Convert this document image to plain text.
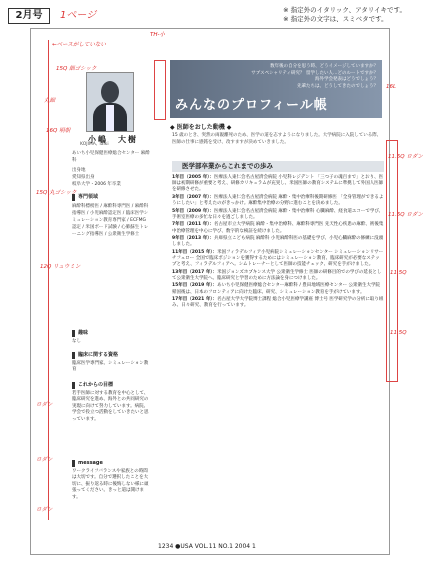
2月号	1ページ	※ 指定外のイタリック、アタリイキです。
※ 指定外の文字は、スミベタです。
←ベースがしていない
15Q 細ゴシック
丸細
16Q 明朝
15Q 丸ゴシック
12Q リュウミン
11.5Q ロダン
11.5Q ロダン
ロダン
ロダン
ロダン
11.5Q
11.5Q
TH-小
16L
小嶋　大樹
KOJIMA, Taiki
あいち小児保健医療総合センター 麻酔科
出身地
愛知県出身
岐阜大学・2006 年卒業
専門領域
麻酔科標榜医 / 麻酔科専門医 / 麻酔科指導医 / 小児麻酔認定医 / 臨床医学シミュレーション教育専門家 / ECFMG 認定 / 米国ボード試験 / 心肺蘇生トレーニング指導医 / 公衆衛生学修士
数年後の自分を思う時、どうイメージしていますか？
サブスペシャリティ研究？ 留学したい人…どのルートですか？
海外学会発表はどうでしょう？
先輩たちは、どうしてきたのでしょう？
みんなのプロフィール帳
◆ 医師をおした動機 ◆
15 歳のとき、突然の両親離死のため、医学の道を志すようになりました。大学病院に入院している際、医師の仕事に感銘を受け、改すますが決めていきました。
医学部卒業からこれまでの歩み

1年目（2005 年）：医療法人東仁会名古屋済会病院 小児科レジデント 「三つ子の魂百まで」とおり、医師は初期研修が重要と考え、研修カリキュラムが充実し、米国医師の教育システムに準拠して外国人医師を研修させた。

3年目（2007 年）：医療法人東仁会名古屋済会病院 麻酔・集中治療科後期研修医 「全身管理ができるようにしたい」と考えたのがきっかけ。麻酔集中治療の分野に進むことを決めました。

5年目（2009 年）：医療法人東仁会名古屋済会病院 麻酔・集中治療科 心臓麻酔、経食道エコーで学び、手術室医療の多忙な日々を過ごしました。

7年目（2011 年）：名古屋市立大学病院 麻酔・集中治療科、麻酔科専門医 先天性心疾患の麻酔、術後集中治療管理を中心に学び、数字的な検証を続けました。

9年目（2013 年）：兵庫県立こども病院 麻酔科 小児麻酔科医の基礎を学び、小児心臓麻酔の修練に没頭しました。

11年目（2015 年）：米国フィラデルフィア小児病院シミュレーションセンター シミュレーションリサーチフェロー 全国で臨床ボジションを獲得するためにはシミュレーション教育、臨床研究が必要なステップと考え、フィラデルフィアへ。シムトレーナーとして医師の技能チェック、研究を手がけました。

13年目（2017 年）：米国ジョンズホプキンス大学 公衆衛生学修士 医師の研修目的での学びの延長として公衆衛生大学院へ。臨床研究と学習のために方法論を身につけました。

15年目（2019 年）：あいち小児保健医療総合センター麻酔科 / 豊田地域医療センター 公衆衛生大学院 帰国後は、日本のフロンティアに向けた臨床、研究、シミュレーション教育を手がけています。

17年目（2021 年）：名古屋大学大学院博士課程 総合小児医療学講座 博士号 医学研究学の分析に取り組み、日々研究、教育を行っています。

趣味
なし
臨床に関する資格
臨床医学専門家、シミュレーション教育
これからの目標
若手医師に対する教育を中心として、臨床研究を進め、海外との共同研究の実現に向けて努力しています。病院、学会で役立つ活動をしていきたいと思っています。
message
ワークライフバランスや家族との時間は大切です。自分で選択したことを大切に、振り返る時に後悔しない様に頑張ってください。きっと道は開けます。
1234 ●USA VOL.11 NO.1 2004 1
